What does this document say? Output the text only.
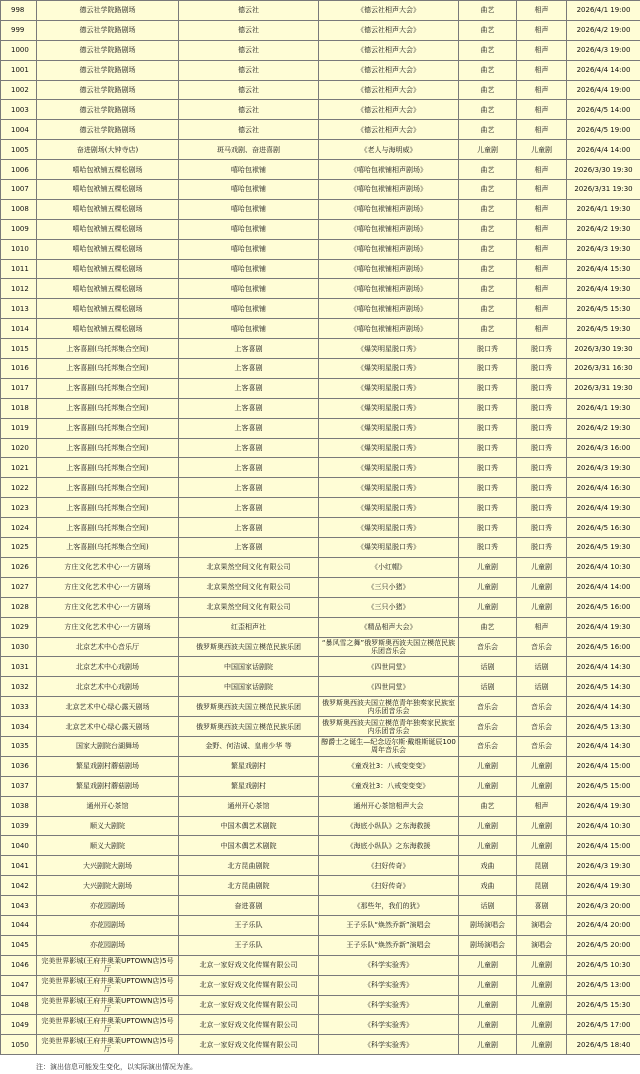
998	德云社学院路剧场	德云社	《德云社相声大会》	曲艺	相声	2026/4/1 19:00
999	德云社学院路剧场	德云社	《德云社相声大会》	曲艺	相声	2026/4/2 19:00
1000	德云社学院路剧场	德云社	《德云社相声大会》	曲艺	相声	2026/4/3 19:00
1001	德云社学院路剧场	德云社	《德云社相声大会》	曲艺	相声	2026/4/4 14:00
1002	德云社学院路剧场	德云社	《德云社相声大会》	曲艺	相声	2026/4/4 19:00
1003	德云社学院路剧场	德云社	《德云社相声大会》	曲艺	相声	2026/4/5 14:00
1004	德云社学院路剧场	德云社	《德云社相声大会》	曲艺	相声	2026/4/5 19:00
1005	奋进剧场(大钟寺店)	斑马戏剧、奋进喜剧	《老人与海明威》	儿童剧	儿童剧	2026/4/4 14:00
1006	嘻哈包袱铺五棵松剧场	嘻哈包袱铺	《嘻哈包袱铺相声剧场》	曲艺	相声	2026/3/30 19:30
1007	嘻哈包袱铺五棵松剧场	嘻哈包袱铺	《嘻哈包袱铺相声剧场》	曲艺	相声	2026/3/31 19:30
1008	嘻哈包袱铺五棵松剧场	嘻哈包袱铺	《嘻哈包袱铺相声剧场》	曲艺	相声	2026/4/1 19:30
1009	嘻哈包袱铺五棵松剧场	嘻哈包袱铺	《嘻哈包袱铺相声剧场》	曲艺	相声	2026/4/2 19:30
1010	嘻哈包袱铺五棵松剧场	嘻哈包袱铺	《嘻哈包袱铺相声剧场》	曲艺	相声	2026/4/3 19:30
1011	嘻哈包袱铺五棵松剧场	嘻哈包袱铺	《嘻哈包袱铺相声剧场》	曲艺	相声	2026/4/4 15:30
1012	嘻哈包袱铺五棵松剧场	嘻哈包袱铺	《嘻哈包袱铺相声剧场》	曲艺	相声	2026/4/4 19:30
1013	嘻哈包袱铺五棵松剧场	嘻哈包袱铺	《嘻哈包袱铺相声剧场》	曲艺	相声	2026/4/5 15:30
1014	嘻哈包袱铺五棵松剧场	嘻哈包袱铺	《嘻哈包袱铺相声剧场》	曲艺	相声	2026/4/5 19:30
1015	上客喜剧(乌托邦集合空间)	上客喜剧	《爆笑明星脱口秀》	脱口秀	脱口秀	2026/3/30 19:30
1016	上客喜剧(乌托邦集合空间)	上客喜剧	《爆笑明星脱口秀》	脱口秀	脱口秀	2026/3/31 16:30
1017	上客喜剧(乌托邦集合空间)	上客喜剧	《爆笑明星脱口秀》	脱口秀	脱口秀	2026/3/31 19:30
1018	上客喜剧(乌托邦集合空间)	上客喜剧	《爆笑明星脱口秀》	脱口秀	脱口秀	2026/4/1 19:30
1019	上客喜剧(乌托邦集合空间)	上客喜剧	《爆笑明星脱口秀》	脱口秀	脱口秀	2026/4/2 19:30
1020	上客喜剧(乌托邦集合空间)	上客喜剧	《爆笑明星脱口秀》	脱口秀	脱口秀	2026/4/3 16:00
1021	上客喜剧(乌托邦集合空间)	上客喜剧	《爆笑明星脱口秀》	脱口秀	脱口秀	2026/4/3 19:30
1022	上客喜剧(乌托邦集合空间)	上客喜剧	《爆笑明星脱口秀》	脱口秀	脱口秀	2026/4/4 16:30
1023	上客喜剧(乌托邦集合空间)	上客喜剧	《爆笑明星脱口秀》	脱口秀	脱口秀	2026/4/4 19:30
1024	上客喜剧(乌托邦集合空间)	上客喜剧	《爆笑明星脱口秀》	脱口秀	脱口秀	2026/4/5 16:30
1025	上客喜剧(乌托邦集合空间)	上客喜剧	《爆笑明星脱口秀》	脱口秀	脱口秀	2026/4/5 19:30
1026	方庄文化艺术中心·一方剧场	北京果然空间文化有限公司	《小红帽》	儿童剧	儿童剧	2026/4/4 10:30
1027	方庄文化艺术中心·一方剧场	北京果然空间文化有限公司	《三只小猪》	儿童剧	儿童剧	2026/4/4 14:00
1028	方庄文化艺术中心·一方剧场	北京果然空间文化有限公司	《三只小猪》	儿童剧	儿童剧	2026/4/5 16:00
1029	方庄文化艺术中心·一方剧场	红歪相声社	《精品相声大会》	曲艺	相声	2026/4/4 19:30
1030	北京艺术中心音乐厅	俄罗斯奥西波夫国立模范民族乐团	“暴风雪之舞”俄罗斯奥西波夫国立模范民族乐团音乐会	音乐会	音乐会	2026/4/5 16:00
1031	北京艺术中心戏剧场	中国国家话剧院	《四世同堂》	话剧	话剧	2026/4/4 14:30
1032	北京艺术中心戏剧场	中国国家话剧院	《四世同堂》	话剧	话剧	2026/4/5 14:30
1033	北京艺术中心绿心露天剧场	俄罗斯奥西波夫国立模范民族乐团	俄罗斯奥西波夫国立模范青年独奏家民族室内乐团音乐会	音乐会	音乐会	2026/4/4 14:30
1034	北京艺术中心绿心露天剧场	俄罗斯奥西波夫国立模范民族乐团	俄罗斯奥西波夫国立模范青年独奏家民族室内乐团音乐会	音乐会	音乐会	2026/4/5 13:30
1035	国家大剧院台湖舞场	金野、何洁诚、皇甫少华 等	醇爵士之诞生—纪念迈尔斯·戴维斯诞辰100周年音乐会	音乐会	音乐会	2026/4/4 14:30
1036	繁星戏剧村蘑菇剧场	繁星戏剧村	《童戏社3：八戒变变变》	儿童剧	儿童剧	2026/4/4 15:00
1037	繁星戏剧村蘑菇剧场	繁星戏剧村	《童戏社3：八戒变变变》	儿童剧	儿童剧	2026/4/5 15:00
1038	通州开心茶馆	通州开心茶馆	通州开心茶馆相声大会	曲艺	相声	2026/4/4 19:30
1039	顺义大剧院	中国木偶艺术剧院	《海底小纵队》之东海救援	儿童剧	儿童剧	2026/4/4 10:30
1040	顺义大剧院	中国木偶艺术剧院	《海底小纵队》之东海救援	儿童剧	儿童剧	2026/4/4 15:00
1041	大兴剧院大剧场	北方昆曲剧院	《扫好传奇》	戏曲	昆剧	2026/4/3 19:30
1042	大兴剧院大剧场	北方昆曲剧院	《扫好传奇》	戏曲	昆剧	2026/4/4 19:30
1043	亦花园剧场	奋进喜剧	《那些年，我们的犹》	话剧	喜剧	2026/4/3 20:00
1044	亦花园剧场	王子乐队	王子乐队“焕然乔新”演唱会	剧场演唱会	演唱会	2026/4/4 20:00
1045	亦花园剧场	王子乐队	王子乐队“焕然乔新”演唱会	剧场演唱会	演唱会	2026/4/5 20:00
1046	完美世界影城(王府井奥莱UPTOWN店)5号厅	北京一家好戏文化传媒有限公司	《科学实验秀》	儿童剧	儿童剧	2026/4/5 10:30
1047	完美世界影城(王府井奥莱UPTOWN店)5号厅	北京一家好戏文化传媒有限公司	《科学实验秀》	儿童剧	儿童剧	2026/4/5 13:00
1048	完美世界影城(王府井奥莱UPTOWN店)5号厅	北京一家好戏文化传媒有限公司	《科学实验秀》	儿童剧	儿童剧	2026/4/5 15:30
1049	完美世界影城(王府井奥莱UPTOWN店)5号厅	北京一家好戏文化传媒有限公司	《科学实验秀》	儿童剧	儿童剧	2026/4/5 17:00
1050	完美世界影城(王府井奥莱UPTOWN店)5号厅	北京一家好戏文化传媒有限公司	《科学实验秀》	儿童剧	儿童剧	2026/4/5 18:40
注：演出信息可能发生变化，以实际演出情况为准。
